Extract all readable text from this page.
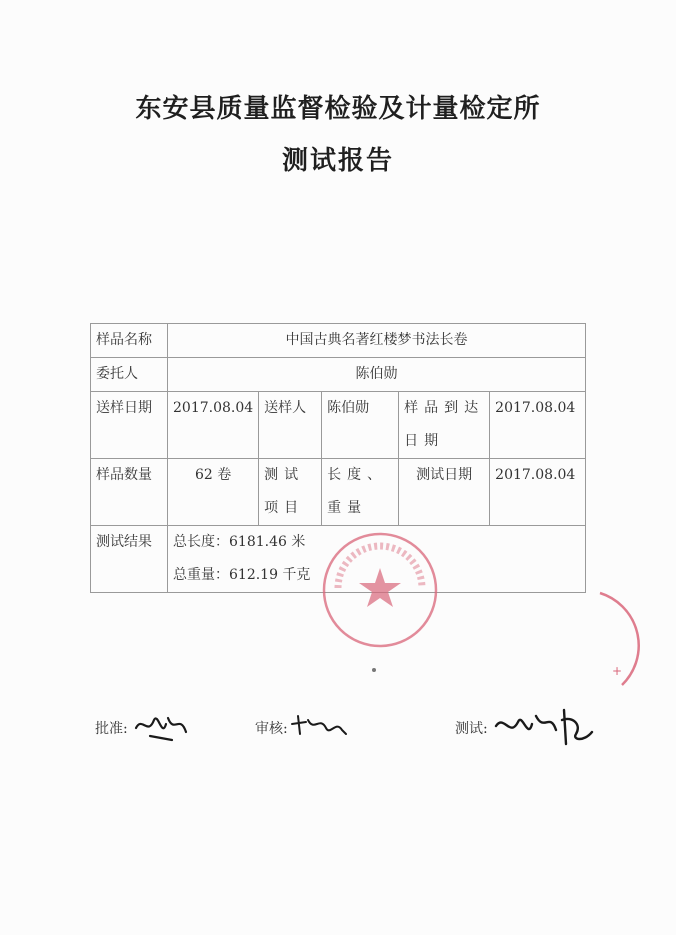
东安县质量监督检验及计量检定所
测试报告
样品名称	中国古典名著红楼梦书法长卷				
委托人	陈伯勋				
送样日期	2017.08.04	送样人	陈伯勋	样品到达日期	2017.08.04
样品数量	62 卷	测试项目	长度、重量	测试日期	2017.08.04
测试结果	总长度：6181.46 米
总重量：612.19 千克				
+
批准:	审核:	测试:
